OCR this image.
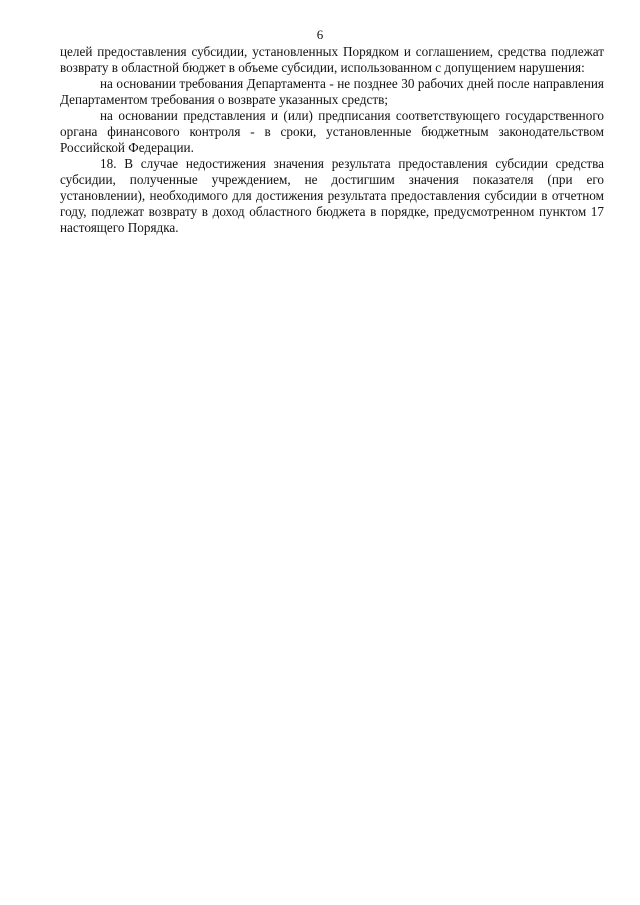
6

целей предоставления субсидии, установленных Порядком и соглашением, средства подлежат возврату в областной бюджет в объеме субсидии, использованном с допущением нарушения:

на основании требования Департамента - не позднее 30 рабочих дней после направления Департаментом требования о возврате указанных средств;

на основании представления и (или) предписания соответствующего государственного органа финансового контроля - в сроки, установленные бюджетным законодательством Российской Федерации.

18. В случае недостижения значения результата предоставления субсидии средства субсидии, полученные учреждением, не достигшим значения показателя (при его установлении), необходимого для достижения результата предоставления субсидии в отчетном году, подлежат возврату в доход областного бюджета в порядке, предусмотренном пунктом 17 настоящего Порядка.
